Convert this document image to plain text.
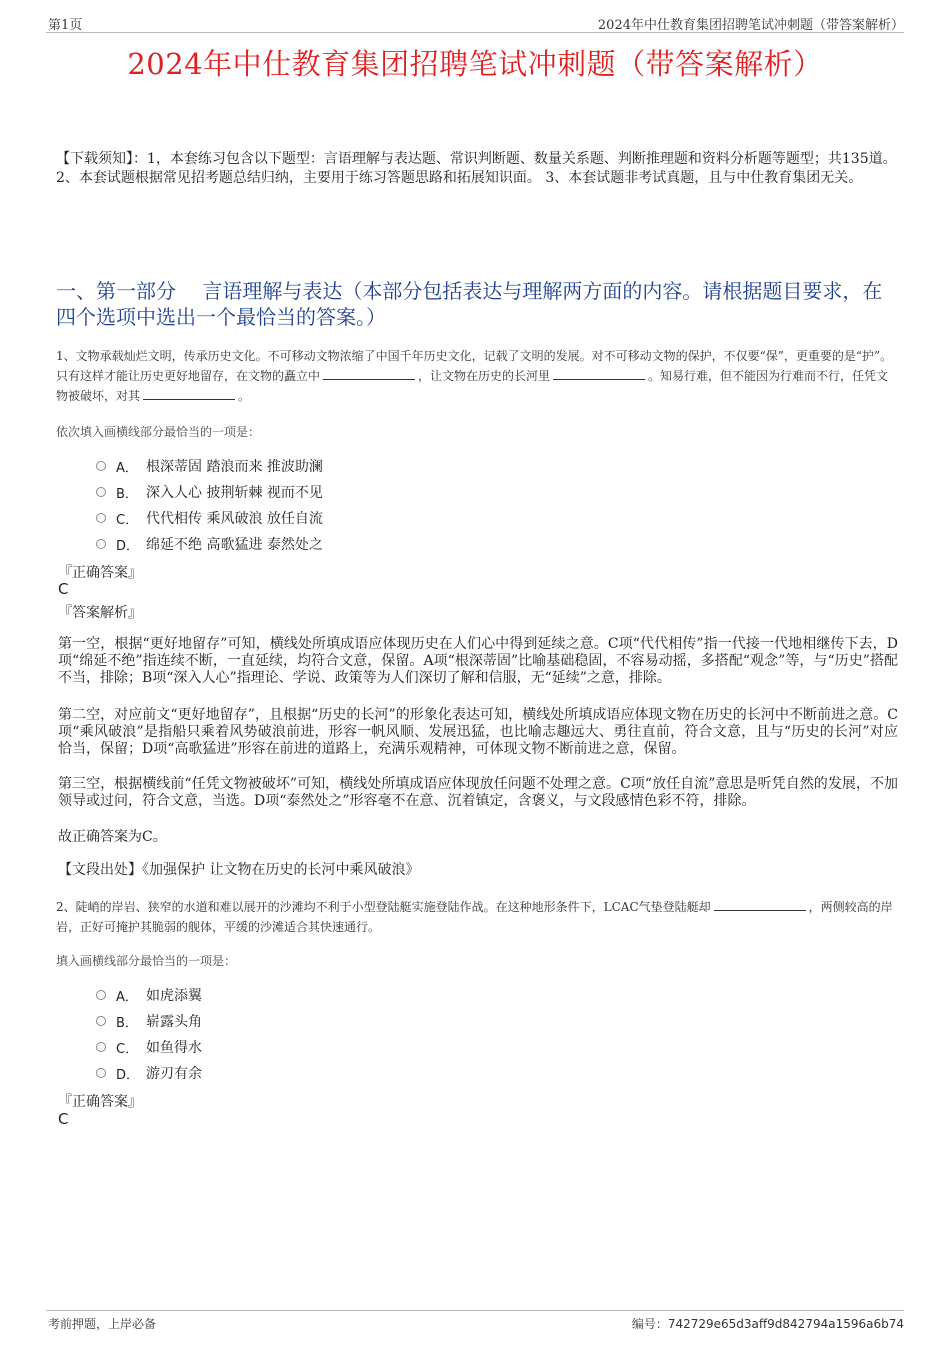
第1页	2024年中仕教育集团招聘笔试冲刺题（带答案解析）
2024年中仕教育集团招聘笔试冲刺题（带答案解析）
【下载须知】：1，本套练习包含以下题型：言语理解与表达题、常识判断题、数量关系题、判断推理题和资料分析题等题型；共135道。 2、本套试题根据常见招考题总结归纳，主要用于练习答题思路和拓展知识面。 3、本套试题非考试真题，且与中仕教育集团无关。
一、第一部分　 言语理解与表达（本部分包括表达与理解两方面的内容。请根据题目要求，在四个选项中选出一个最恰当的答案。）
1、文物承载灿烂文明，传承历史文化。不可移动文物浓缩了中国千年历史文化，记载了文明的发展。对不可移动文物的保护，不仅要“保”，更重要的是“护”。只有这样才能让历史更好地留存，在文物的矗立中	，让文物在历史的长河里	。知易行难，但不能因为行难而不行，任凭文物被破坏，对其	。
依次填入画横线部分最恰当的一项是：
A． 根深蒂固 踏浪而来 推波助澜
B． 深入人心 披荆斩棘 视而不见
C． 代代相传 乘风破浪 放任自流
D． 绵延不绝 高歌猛进 泰然处之
『正确答案』
C
『答案解析』
第一空，根据“更好地留存”可知，横线处所填成语应体现历史在人们心中得到延续之意。C项“代代相传”指一代接一代地相继传下去，D项“绵延不绝”指连续不断，一直延续，均符合文意，保留。A项“根深蒂固”比喻基础稳固，不容易动摇，多搭配“观念”等，与“历史”搭配不当，排除；B项“深入人心”指理论、学说、政策等为人们深切了解和信服，无“延续”之意，排除。
第二空，对应前文“更好地留存”，且根据“历史的长河”的形象化表达可知，横线处所填成语应体现文物在历史的长河中不断前进之意。C项“乘风破浪”是指船只乘着风势破浪前进，形容一帆风顺、发展迅猛，也比喻志趣远大、勇往直前，符合文意，且与“历史的长河”对应恰当，保留；D项“高歌猛进”形容在前进的道路上，充满乐观精神，可体现文物不断前进之意，保留。
第三空，根据横线前“任凭文物被破坏”可知，横线处所填成语应体现放任问题不处理之意。C项“放任自流”意思是听凭自然的发展，不加领导或过问，符合文意，当选。D项“泰然处之”形容毫不在意、沉着镇定，含褒义，与文段感情色彩不符，排除。
故正确答案为C。
【文段出处】《加强保护 让文物在历史的长河中乘风破浪》
2、陡峭的岸岩、狭窄的水道和难以展开的沙滩均不利于小型登陆艇实施登陆作战。在这种地形条件下，LCAC气垫登陆艇却	，两侧较高的岸岩，正好可掩护其脆弱的舰体，平缓的沙滩适合其快速通行。
填入画横线部分最恰当的一项是：
A． 如虎添翼
B． 崭露头角
C． 如鱼得水
D． 游刃有余
『正确答案』
C
考前押题，上岸必备	编号：742729e65d3aff9d842794a1596a6b74
